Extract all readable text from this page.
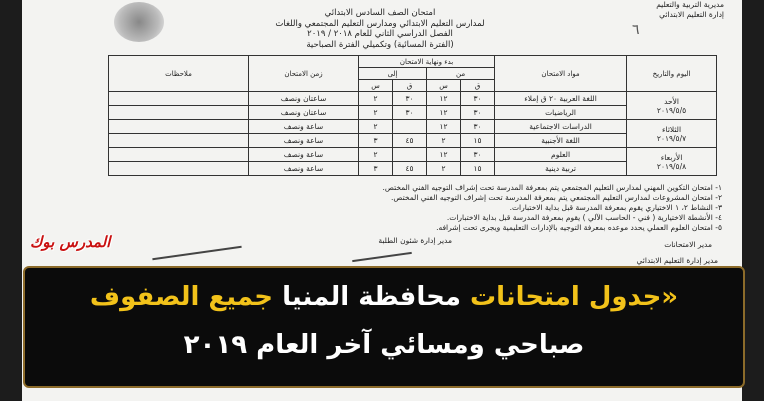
مديرية التربية والتعليم
إدارة التعليم الابتدائي
٦
امتحان الصف السادس الابتدائي
لمدارس التعليم الابتدائي ومدارس التعليم المجتمعي واللغات
الفصل الدراسي الثاني للعام ٢٠١٨ / ٢٠١٩
(الفترة المسائية) وتكميلي الفترة الصباحية
اليوم والتاريخ	مواد الامتحان	بدء ونهاية الامتحان				زمن الامتحان	ملاحظات
		من		إلى			
		ق	س	ق	س		

الأحد
٢٠١٩/٥/٥	اللغة العربية ٢٠ ق إملاء	٣٠	١٢	٣٠	٢	ساعتان ونصف	
	الرياضيات	٣٠	١٢	٣٠	٢	ساعتان ونصف	

الثلاثاء
٢٠١٩/٥/٧	الدراسات الاجتماعية	٣٠	١٢		٢	ساعة ونصف	
	اللغة الأجنبية	١٥	٢	٤٥	٣	ساعة ونصف	

الأربعاء
٢٠١٩/٥/٨	العلوم	٣٠	١٢		٢	ساعة ونصف	
	تربية دينية	١٥	٢	٤٥	٣	ساعة ونصف	
١- امتحان التكوين المهني لمدارس التعليم المجتمعي يتم بمعرفة المدرسة تحت إشراف التوجيه الفني المختص.
٢- امتحان المشروعات لمدارس التعليم المجتمعي يتم بمعرفة المدرسة تحت إشراف التوجيه الفني المختص.
٣- النشاط ٢، ١ الاختياري يقوم بمعرفة المدرسة قبل بداية الاختبارات.
٤- الأنشطة الاختيارية ( فني - الحاسب الآلي ) يقوم بمعرفة المدرسة قبل بداية الاختبارات.
٥- امتحان العلوم العملي يحدد موعده بمعرفة التوجيه بالإدارات التعليمية ويجرى تحت إشرافه.
مدير الامتحانات
مدير إدارة شئون الطلبة
مدير إدارة التعليم الابتدائي
المدرس بوك
«جدول امتحانات محافظة المنيا جميع الصفوف
صباحي ومسائي آخر العام ٢٠١٩
